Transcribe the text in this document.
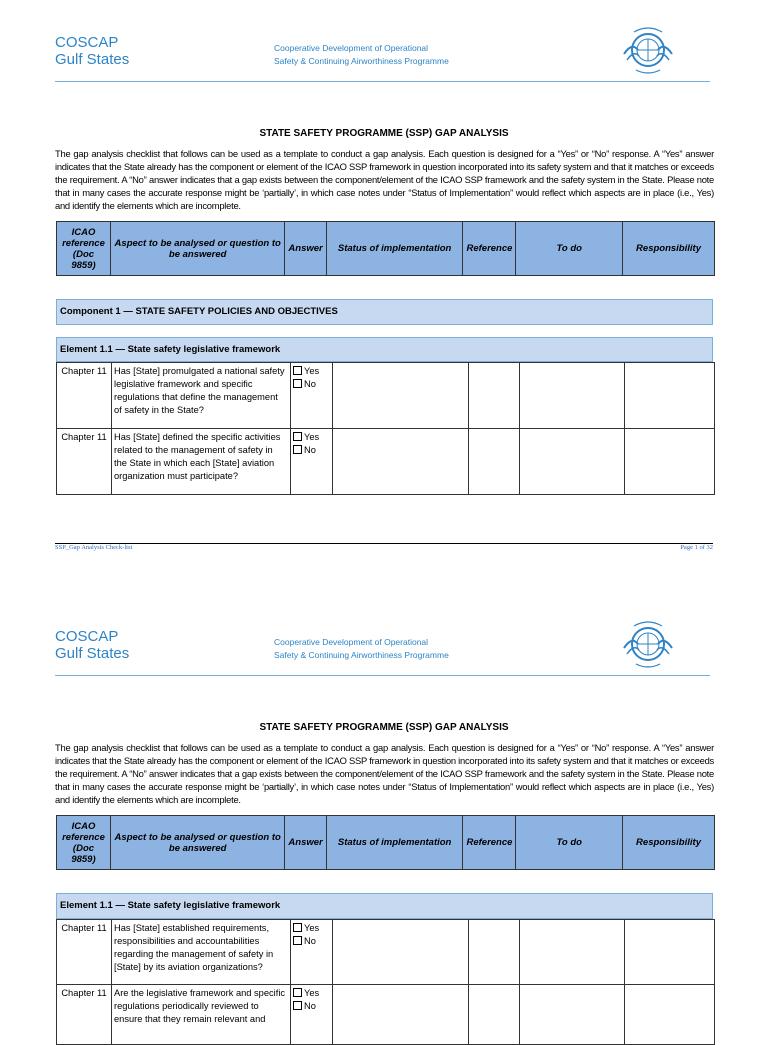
COSCAP
Gulf States
Cooperative Development of Operational
Safety & Continuing Airworthiness Programme
STATE SAFETY PROGRAMME (SSP) GAP ANALYSIS
The gap analysis checklist that follows can be used as a template to conduct a gap analysis. Each question is designed for a “Yes” or “No” response. A “Yes” answer indicates that the State already has the component or element of the ICAO SSP framework in question incorporated into its safety system and that it matches or exceeds the requirement. A “No” answer indicates that a gap exists between the component/element of the ICAO SSP framework and the safety system in the State. Please note that in many cases the accurate response might be ‘partially’, in which case notes under “Status of Implementation” would reflect which aspects are in place (i.e., Yes) and identify the elements which are incomplete.
ICAO reference (Doc 9859)	Aspect to be analysed or question to be answered	Answer	Status of implementation	Reference	To do	Responsibility
Component 1 — STATE SAFETY POLICIES AND OBJECTIVES
Element 1.1 — State safety legislative framework
Chapter 11	Has [State] promulgated a national safety legislative framework and specific regulations that define the management of safety in the State?	Yes
No				

Chapter 11	Has [State] defined the specific activities related to the management of safety in the State in which each [State] aviation organization must participate?	Yes
No				

SSP_Gap Analysis Check-list	Page 1 of 32
COSCAP
Gulf States
Cooperative Development of Operational
Safety & Continuing Airworthiness Programme
STATE SAFETY PROGRAMME (SSP) GAP ANALYSIS
The gap analysis checklist that follows can be used as a template to conduct a gap analysis. Each question is designed for a “Yes” or “No” response. A “Yes” answer indicates that the State already has the component or element of the ICAO SSP framework in question incorporated into its safety system and that it matches or exceeds the requirement. A “No” answer indicates that a gap exists between the component/element of the ICAO SSP framework and the safety system in the State. Please note that in many cases the accurate response might be ‘partially’, in which case notes under “Status of Implementation” would reflect which aspects are in place (i.e., Yes) and identify the elements which are incomplete.
ICAO reference (Doc 9859)	Aspect to be analysed or question to be answered	Answer	Status of implementation	Reference	To do	Responsibility
Element 1.1 — State safety legislative framework
Chapter 11	Has [State] established requirements, responsibilities and accountabilities regarding the management of safety in [State] by its aviation organizations?	Yes
No				

Chapter 11	Are the legislative framework and specific regulations periodically reviewed to ensure that they remain relevant and	Yes
No				
